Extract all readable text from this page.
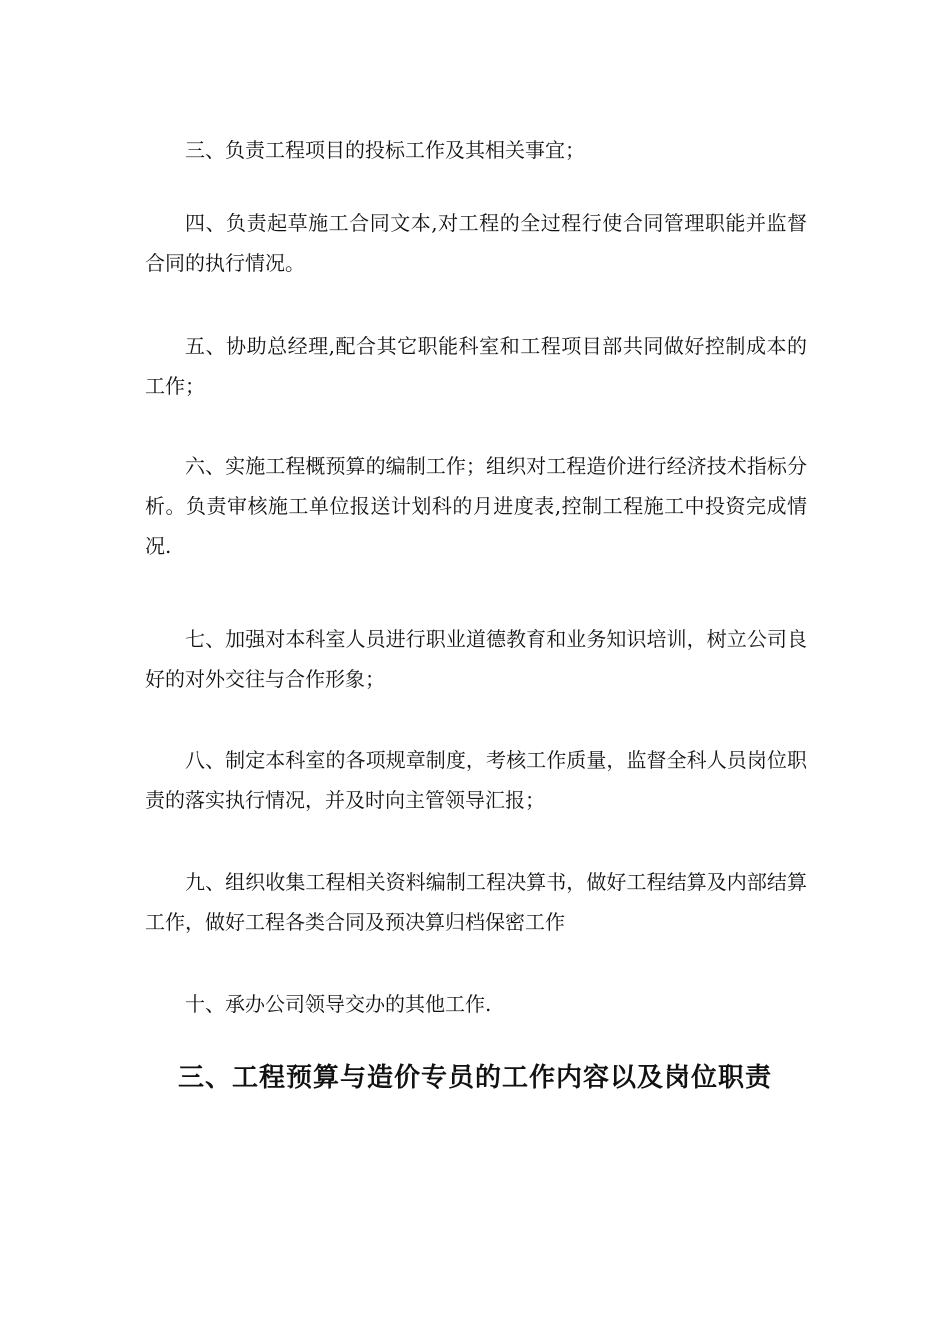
三、负责工程项目的投标工作及其相关事宜；

四、负责起草施工合同文本,对工程的全过程行使合同管理职能并监督合同的执行情况。

五、协助总经理,配合其它职能科室和工程项目部共同做好控制成本的工作；

六、实施工程概预算的编制工作；组织对工程造价进行经济技术指标分析。负责审核施工单位报送计划科的月进度表,控制工程施工中投资完成情况.

七、加强对本科室人员进行职业道德教育和业务知识培训，树立公司良好的对外交往与合作形象；

八、制定本科室的各项规章制度，考核工作质量，监督全科人员岗位职责的落实执行情况，并及时向主管领导汇报；

九、组织收集工程相关资料编制工程决算书，做好工程结算及内部结算工作，做好工程各类合同及预决算归档保密工作

十、承办公司领导交办的其他工作.

三、工程预算与造价专员的工作内容以及岗位职责
